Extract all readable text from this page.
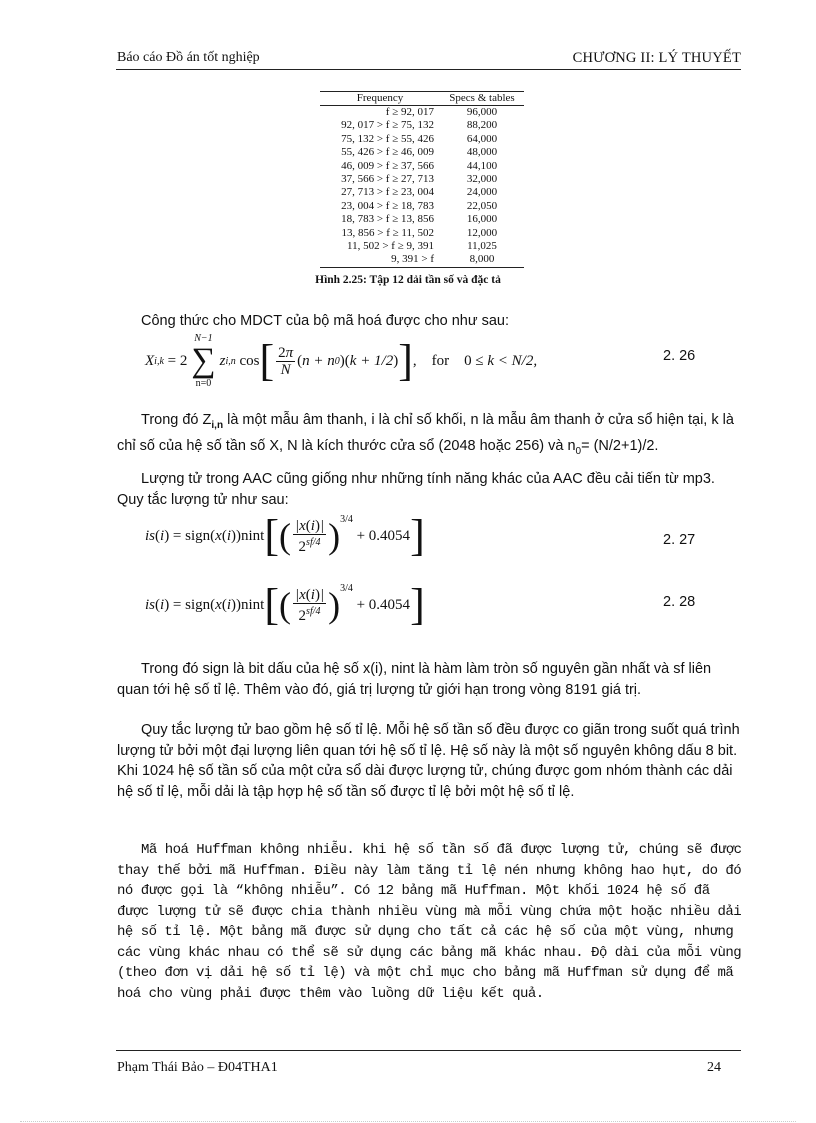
Báo cáo Đồ án tốt nghiệp	CHƯƠNG II: LÝ THUYẾT
Frequency	Specs & tables
f ≥ 92, 017	96,000
92, 017 > f ≥ 75, 132	88,200
75, 132 > f ≥ 55, 426	64,000
55, 426 > f ≥ 46, 009	48,000
46, 009 > f ≥ 37, 566	44,100
37, 566 > f ≥ 27, 713	32,000
27, 713 > f ≥ 23, 004	24,000
23, 004 > f ≥ 18, 783	22,050
18, 783 > f ≥ 13, 856	16,000
13, 856 > f ≥ 11, 502	12,000
11, 502 > f ≥ 9, 391	11,025
9, 391 > f	8,000
Hình 2.25: Tập 12 dải tần số và đặc tả
Công thức cho MDCT của bộ mã hoá được cho như sau:
X i,k = 2
N−1
∑
n=0
z i,n cos [ $\frac{2\pi}{N}$ ( n + n 0 )( k + 1/2 ) ] ,    for    0 ≤ k < N/2,	2. 26
Trong đó $Z_{i,n}$ là một mẫu âm thanh, i là chỉ số khối, n là mẫu âm thanh ở cửa sổ hiện tại, k là chỉ số của hệ số tần số X, N là kích thước cửa sổ (2048 hoặc 256) và $n_0= (N/2+1)/2$.
Lượng tử trong AAC cũng giống như những tính năng khác của AAC đều cải tiến từ mp3. Quy tắc lượng tử như sau:
is ( i ) = sign( x ( i ))nint [ ( $\frac{|x(i)|}{2^{sf/4}} )^{3/4}$
+ 0.4054 ]	2. 27
is ( i ) = sign( x ( i ))nint [ ( $\frac{|x(i)|}{2^{sf/4}} )^{3/4}$
+ 0.4054 ]	2. 28
Trong đó sign là bit dấu của hệ số x(i), nint là hàm làm tròn số nguyên gần nhất và sf liên quan tới hệ số tỉ lệ. Thêm vào đó, giá trị lượng tử giới hạn trong vòng 8191 giá trị.
Quy tắc lượng tử bao gồm hệ số tỉ lệ. Mỗi hệ số tần số đều được co giãn trong suốt quá trình lượng tử bởi một đại lượng liên quan tới hệ số tỉ lệ. Hệ số này là một số nguyên không dấu 8 bit. Khi 1024 hệ số tần số của một cửa sổ dài được lượng tử, chúng được gom nhóm thành các dải hệ số tỉ lệ, mỗi dải là tập hợp hệ số tần số được tỉ lệ bởi một hệ số tỉ lệ.
Mã hoá Huffman không nhiễu. khi hệ số tần số đã được lượng tử, chúng sẽ được thay thế bởi mã Huffman. Điều này làm tăng tỉ lệ nén nhưng không hao hụt, do đó nó được gọi là “không nhiễu”. Có 12 bảng mã Huffman. Một khối 1024 hệ số đã được lượng tử sẽ được chia thành nhiều vùng mà mỗi vùng chứa một hoặc nhiều dải hệ số tỉ lệ. Một bảng mã được sử dụng cho tất cả các hệ số của một vùng, nhưng các vùng khác nhau có thể sẽ sử dụng các bảng mã khác nhau. Độ dài của mỗi vùng (theo đơn vị dải hệ số tỉ lệ) và một chỉ mục cho bảng mã Huffman sử dụng để mã hoá cho vùng phải được thêm vào luồng dữ liệu kết quả.
Phạm Thái Bảo – Đ04THA1	24
